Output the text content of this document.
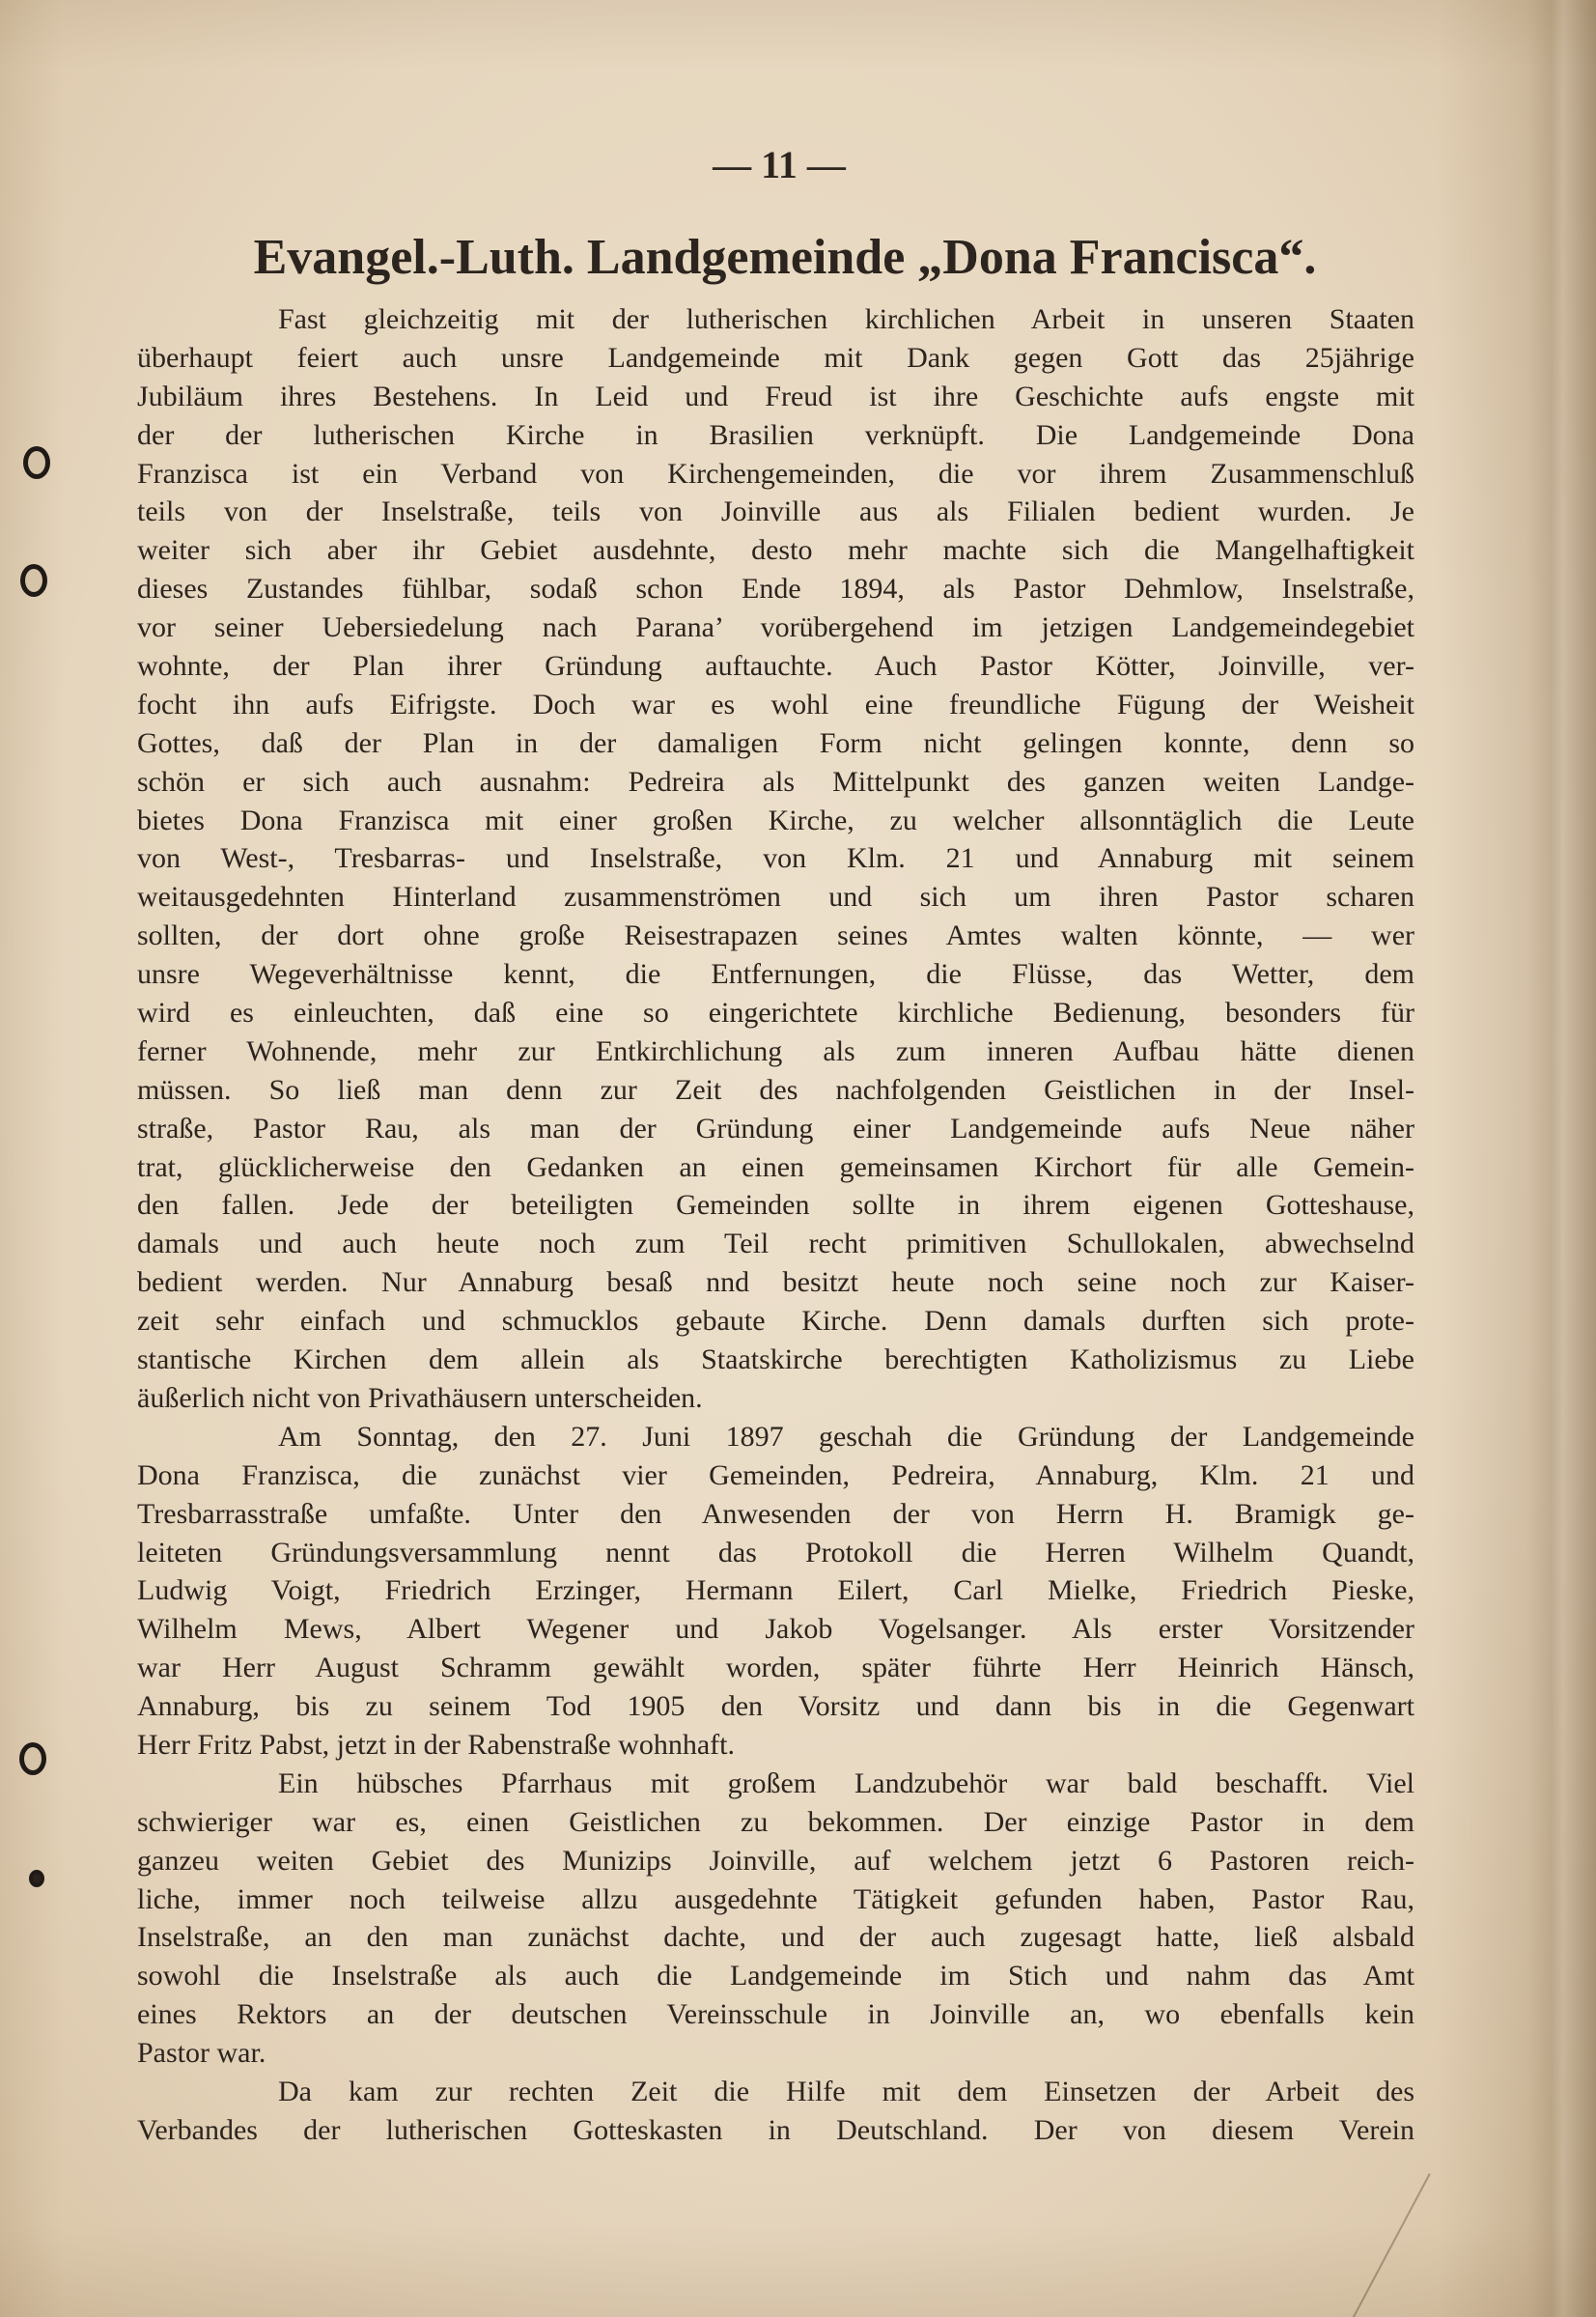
— 11 —
Evangel.-Luth. Landgemeinde „Dona Francisca“.
Fast gleichzeitig mit der lutherischen kirchlichen Arbeit in unseren Staaten
überhaupt feiert auch unsre Landgemeinde mit Dank gegen Gott das 25jährige
Jubiläum ihres Bestehens. In Leid und Freud ist ihre Geschichte aufs engste mit
der der lutherischen Kirche in Brasilien verknüpft. Die Landgemeinde Dona
Franzisca ist ein Verband von Kirchengemeinden, die vor ihrem Zusammenschluß
teils von der Inselstraße, teils von Joinville aus als Filialen bedient wurden. Je
weiter sich aber ihr Gebiet ausdehnte, desto mehr machte sich die Mangelhaftigkeit
dieses Zustandes fühlbar, sodaß schon Ende 1894, als Pastor Dehmlow, Inselstraße,
vor seiner Uebersiedelung nach Parana’ vorübergehend im jetzigen Landgemeindegebiet
wohnte, der Plan ihrer Gründung auftauchte. Auch Pastor Kötter, Joinville, ver-
focht ihn aufs Eifrigste. Doch war es wohl eine freundliche Fügung der Weisheit
Gottes, daß der Plan in der damaligen Form nicht gelingen konnte, denn so
schön er sich auch ausnahm: Pedreira als Mittelpunkt des ganzen weiten Landge-
bietes Dona Franzisca mit einer großen Kirche, zu welcher allsonntäglich die Leute
von West-, Tresbarras- und Inselstraße, von Klm. 21 und Annaburg mit seinem
weitausgedehnten Hinterland zusammenströmen und sich um ihren Pastor scharen
sollten, der dort ohne große Reisestrapazen seines Amtes walten könnte, — wer
unsre Wegeverhältnisse kennt, die Entfernungen, die Flüsse, das Wetter, dem
wird es einleuchten, daß eine so eingerichtete kirchliche Bedienung, besonders für
ferner Wohnende, mehr zur Entkirchlichung als zum inneren Aufbau hätte dienen
müssen. So ließ man denn zur Zeit des nachfolgenden Geistlichen in der Insel-
straße, Pastor Rau, als man der Gründung einer Landgemeinde aufs Neue näher
trat, glücklicherweise den Gedanken an einen gemeinsamen Kirchort für alle Gemein-
den fallen. Jede der beteiligten Gemeinden sollte in ihrem eigenen Gotteshause,
damals und auch heute noch zum Teil recht primitiven Schullokalen, abwechselnd
bedient werden. Nur Annaburg besaß nnd besitzt heute noch seine noch zur Kaiser-
zeit sehr einfach und schmucklos gebaute Kirche. Denn damals durften sich prote-
stantische Kirchen dem allein als Staatskirche berechtigten Katholizismus zu Liebe
äußerlich nicht von Privathäusern unterscheiden.
Am Sonntag, den 27. Juni 1897 geschah die Gründung der Landgemeinde
Dona Franzisca, die zunächst vier Gemeinden, Pedreira, Annaburg, Klm. 21 und
Tresbarrasstraße umfaßte. Unter den Anwesenden der von Herrn H. Bramigk ge-
leiteten Gründungsversammlung nennt das Protokoll die Herren Wilhelm Quandt,
Ludwig Voigt, Friedrich Erzinger, Hermann Eilert, Carl Mielke, Friedrich Pieske,
Wilhelm Mews, Albert Wegener und Jakob Vogelsanger. Als erster Vorsitzender
war Herr August Schramm gewählt worden, später führte Herr Heinrich Hänsch,
Annaburg, bis zu seinem Tod 1905 den Vorsitz und dann bis in die Gegenwart
Herr Fritz Pabst, jetzt in der Rabenstraße wohnhaft.
Ein hübsches Pfarrhaus mit großem Landzubehör war bald beschafft. Viel
schwieriger war es, einen Geistlichen zu bekommen. Der einzige Pastor in dem
ganzeu weiten Gebiet des Munizips Joinville, auf welchem jetzt 6 Pastoren reich-
liche, immer noch teilweise allzu ausgedehnte Tätigkeit gefunden haben, Pastor Rau,
Inselstraße, an den man zunächst dachte, und der auch zugesagt hatte, ließ alsbald
sowohl die Inselstraße als auch die Landgemeinde im Stich und nahm das Amt
eines Rektors an der deutschen Vereinsschule in Joinville an, wo ebenfalls kein
Pastor war.
Da kam zur rechten Zeit die Hilfe mit dem Einsetzen der Arbeit des
Verbandes der lutherischen Gotteskasten in Deutschland. Der von diesem Verein
